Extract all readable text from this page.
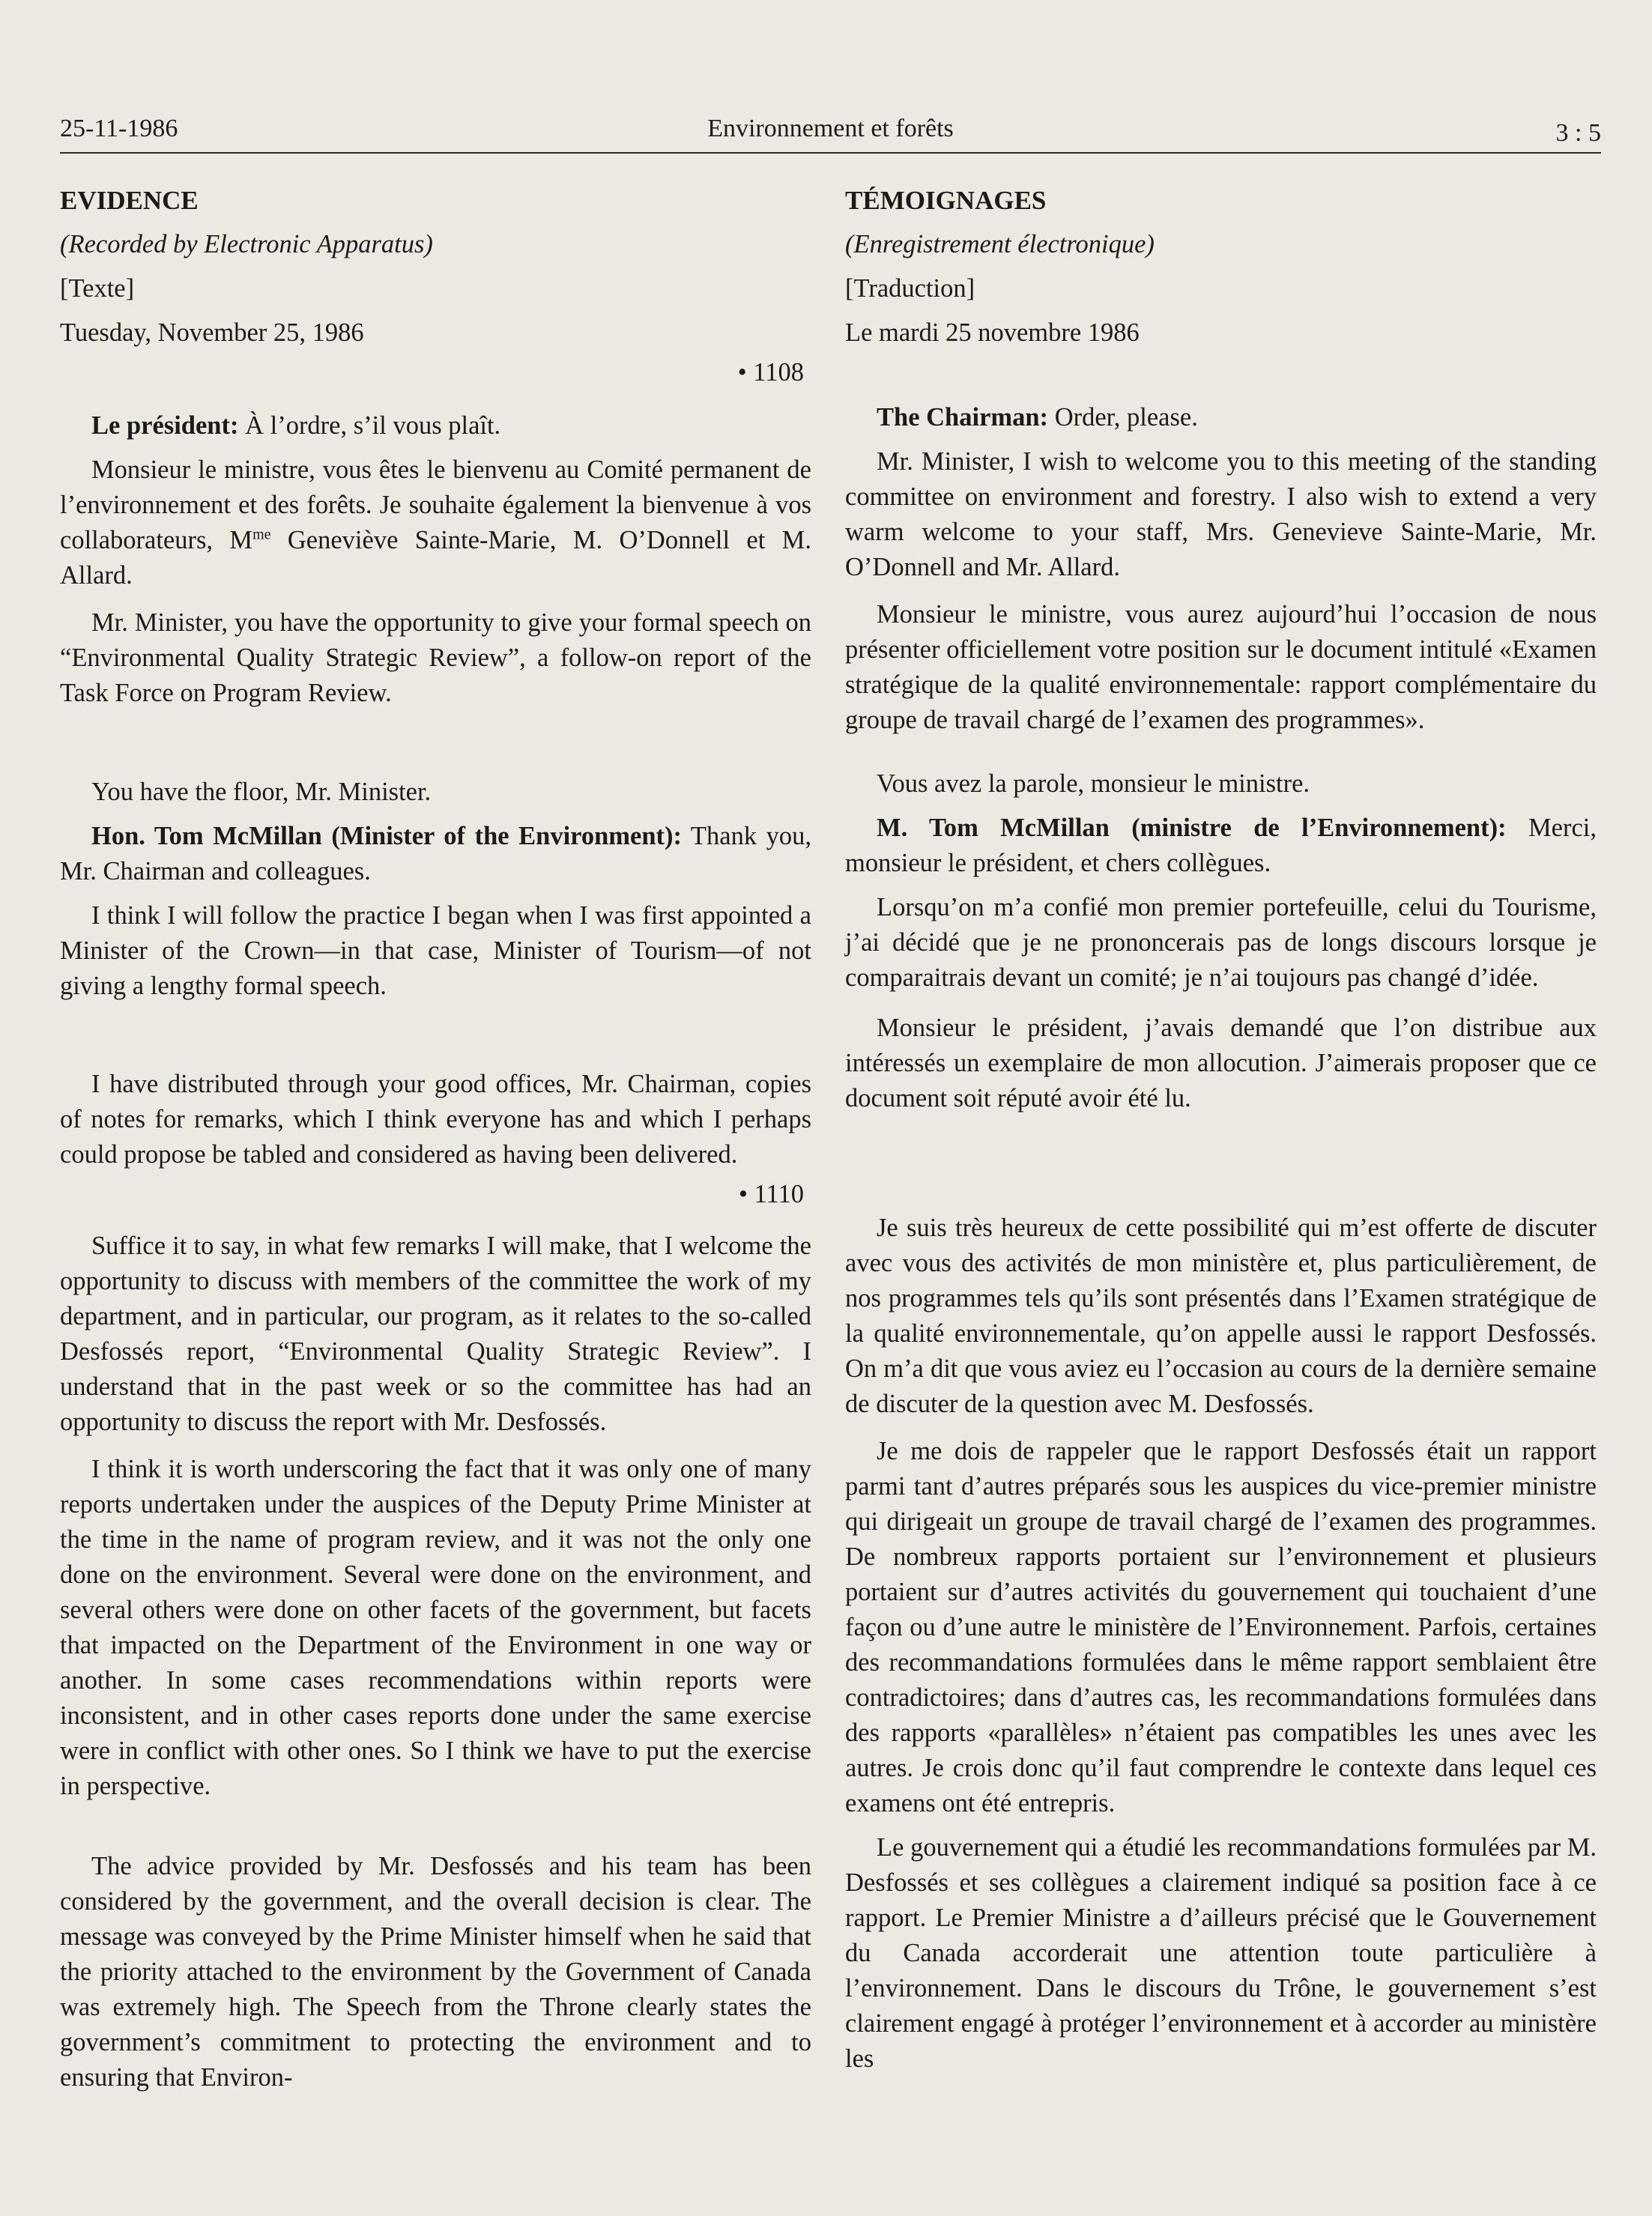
25-11-1986	Environnement et forêts	3 : 5

EVIDENCE

(Recorded by Electronic Apparatus)

[Texte]

Tuesday, November 25, 1986

• 1108

Le président: À l’ordre, s’il vous plaît.

Monsieur le ministre, vous êtes le bienvenu au Comité permanent de l’environnement et des forêts. Je souhaite également la bienvenue à vos collaborateurs, $M^{me}$ Geneviève Sainte-Marie, M. O’Donnell et M. Allard.

Mr. Minister, you have the opportunity to give your formal speech on “Environmental Quality Strategic Review”, a follow-on report of the Task Force on Program Review.

You have the floor, Mr. Minister.

Hon. Tom McMillan (Minister of the Environment): Thank you, Mr. Chairman and colleagues.

I think I will follow the practice I began when I was first appointed a Minister of the Crown—in that case, Minister of Tourism—of not giving a lengthy formal speech.

I have distributed through your good offices, Mr. Chairman, copies of notes for remarks, which I think everyone has and which I perhaps could propose be tabled and considered as having been delivered.

• 1110

Suffice it to say, in what few remarks I will make, that I welcome the opportunity to discuss with members of the committee the work of my department, and in particular, our program, as it relates to the so-called Desfossés report, “Environmental Quality Strategic Review”. I understand that in the past week or so the committee has had an opportunity to discuss the report with Mr. Desfossés.

I think it is worth underscoring the fact that it was only one of many reports undertaken under the auspices of the Deputy Prime Minister at the time in the name of program review, and it was not the only one done on the environment. Several were done on the environment, and several others were done on other facets of the government, but facets that impacted on the Department of the Environment in one way or another. In some cases recommendations within reports were inconsistent, and in other cases reports done under the same exercise were in conflict with other ones. So I think we have to put the exercise in perspective.

The advice provided by Mr. Desfossés and his team has been considered by the government, and the overall decision is clear. The message was conveyed by the Prime Minister himself when he said that the priority attached to the environment by the Government of Canada was extremely high. The Speech from the Throne clearly states the government’s commitment to protecting the environment and to ensuring that Environ-

TÉMOIGNAGES

(Enregistrement électronique)

[Traduction]

Le mardi 25 novembre 1986

The Chairman: Order, please.

Mr. Minister, I wish to welcome you to this meeting of the standing committee on environment and forestry. I also wish to extend a very warm welcome to your staff, Mrs. Genevieve Sainte-Marie, Mr. O’Donnell and Mr. Allard.

Monsieur le ministre, vous aurez aujourd’hui l’occasion de nous présenter officiellement votre position sur le document intitulé «Examen stratégique de la qualité environnementale: rapport complémentaire du groupe de travail chargé de l’examen des programmes».

Vous avez la parole, monsieur le ministre.

M. Tom McMillan (ministre de l’Environnement): Merci, monsieur le président, et chers collègues.

Lorsqu’on m’a confié mon premier portefeuille, celui du Tourisme, j’ai décidé que je ne prononcerais pas de longs discours lorsque je comparaitrais devant un comité; je n’ai toujours pas changé d’idée.

Monsieur le président, j’avais demandé que l’on distribue aux intéressés un exemplaire de mon allocution. J’aimerais proposer que ce document soit réputé avoir été lu.

Je suis très heureux de cette possibilité qui m’est offerte de discuter avec vous des activités de mon ministère et, plus particulièrement, de nos programmes tels qu’ils sont présentés dans l’Examen stratégique de la qualité environnementale, qu’on appelle aussi le rapport Desfossés. On m’a dit que vous aviez eu l’occasion au cours de la dernière semaine de discuter de la question avec M. Desfossés.

Je me dois de rappeler que le rapport Desfossés était un rapport parmi tant d’autres préparés sous les auspices du vice-premier ministre qui dirigeait un groupe de travail chargé de l’examen des programmes. De nombreux rapports portaient sur l’environnement et plusieurs portaient sur d’autres activités du gouvernement qui touchaient d’une façon ou d’une autre le ministère de l’Environnement. Parfois, certaines des recommandations formulées dans le même rapport semblaient être contradictoires; dans d’autres cas, les recommandations formulées dans des rapports «parallèles» n’étaient pas compatibles les unes avec les autres. Je crois donc qu’il faut comprendre le contexte dans lequel ces examens ont été entrepris.

Le gouvernement qui a étudié les recommandations formulées par M. Desfossés et ses collègues a clairement indiqué sa position face à ce rapport. Le Premier Ministre a d’ailleurs précisé que le Gouvernement du Canada accorderait une attention toute particulière à l’environnement. Dans le discours du Trône, le gouvernement s’est clairement engagé à protéger l’environnement et à accorder au ministère les
